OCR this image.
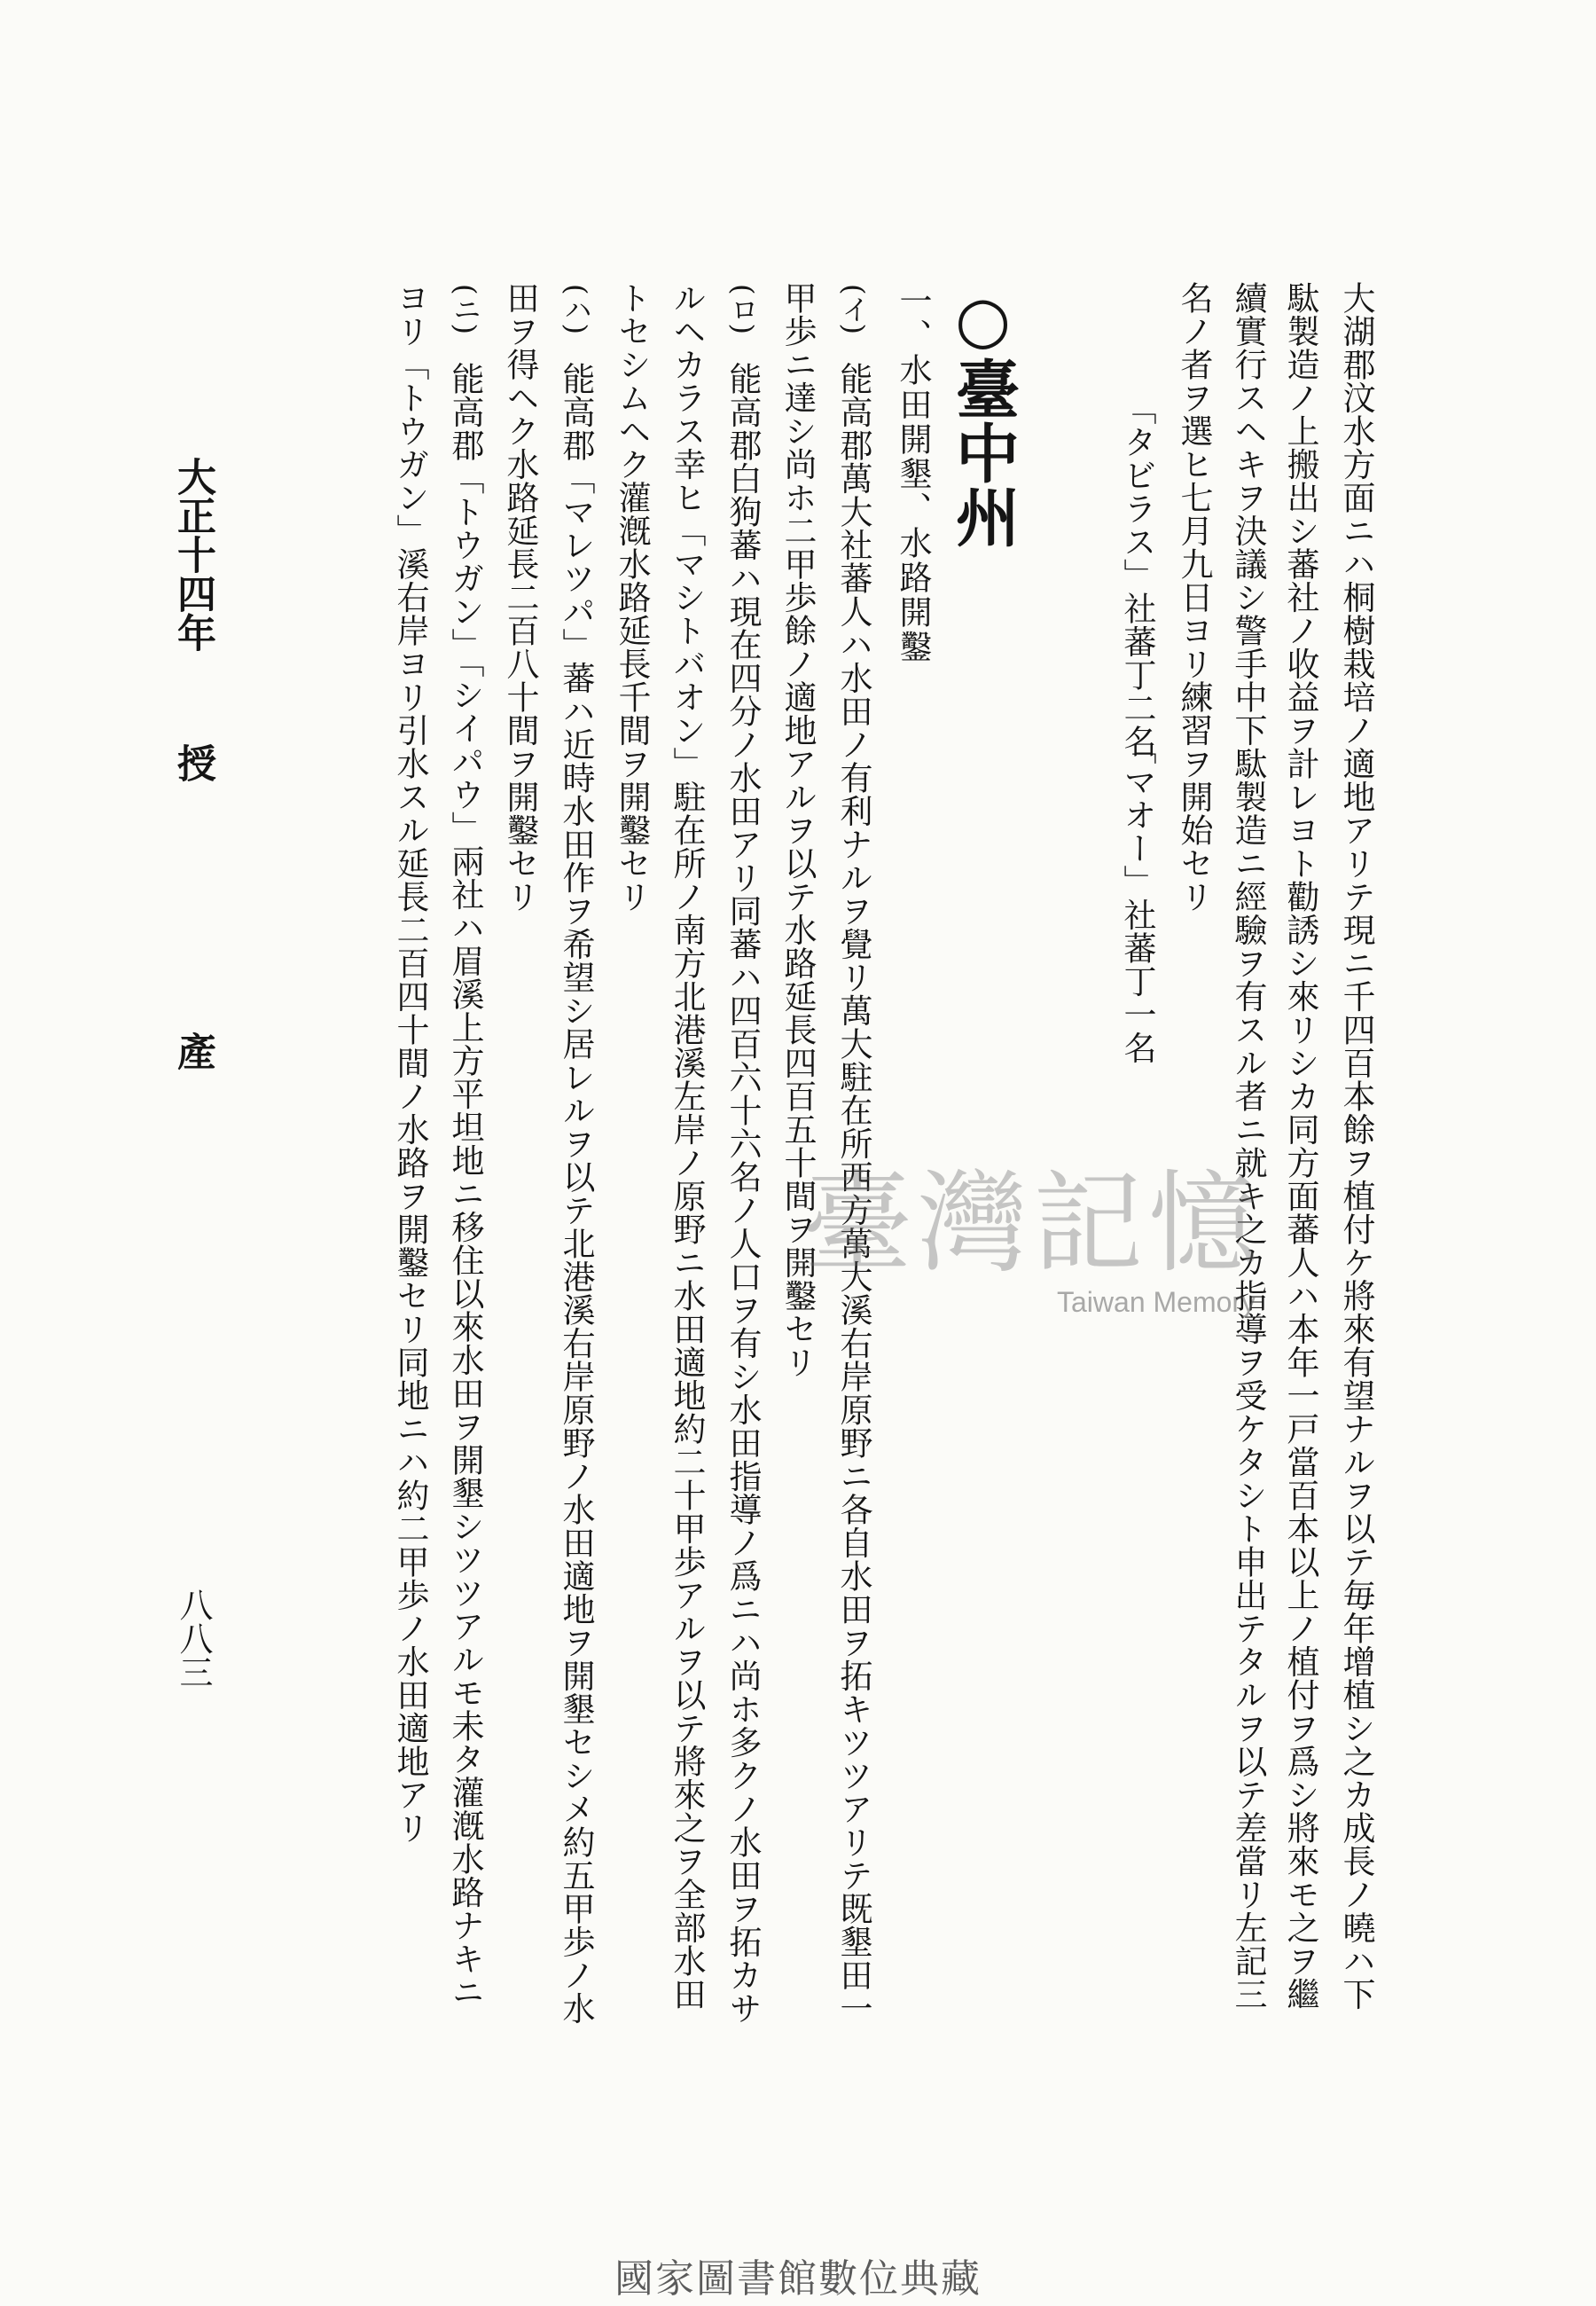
大湖郡汶水方面ニハ桐樹栽培ノ適地アリテ現ニ千四百本餘ヲ植付ケ將來有望ナルヲ以テ毎年增植シ之カ成長ノ曉ハ下
駄製造ノ上搬出シ蕃社ノ收益ヲ計レヨト勸誘シ來リシカ同方面蕃人ハ本年一戸當百本以上ノ植付ヲ爲シ將來モ之ヲ繼
續實行スヘキヲ決議シ警手中下駄製造ニ經驗ヲ有スル者ニ就キ之カ指導ヲ受ケタシト申出テタルヲ以テ差當リ左記三
名ノ者ヲ選ヒ七月九日ヨリ練習ヲ開始セリ
「タビラス」社蕃丁二名
「マオー」社蕃丁一名
○臺中州
一、水田開墾、水路開鑿
(イ)
能高郡萬大社蕃人ハ水田ノ有利ナルヲ覺リ萬大駐在所西方萬大溪右岸原野ニ各自水田ヲ拓キツツアリテ既墾田一
甲歩ニ達シ尚ホ二甲歩餘ノ適地アルヲ以テ水路延長四百五十間ヲ開鑿セリ
(ロ)
能高郡白狗蕃ハ現在四分ノ水田アリ同蕃ハ四百六十六名ノ人口ヲ有シ水田指導ノ爲ニハ尚ホ多クノ水田ヲ拓カサ
ルヘカラス幸ヒ「マシトバオン」駐在所ノ南方北港溪左岸ノ原野ニ水田適地約二十甲歩アルヲ以テ將來之ヲ全部水田
トセシムヘク灌漑水路延長千間ヲ開鑿セリ
(ハ)
能高郡「マレツパ」蕃ハ近時水田作ヲ希望シ居レルヲ以テ北港溪右岸原野ノ水田適地ヲ開墾セシメ約五甲歩ノ水
田ヲ得ヘク水路延長二百八十間ヲ開鑿セリ
(ニ)
能高郡「トウガン」「シイパウ」兩社ハ眉溪上方平坦地ニ移住以來水田ヲ開墾シツツアルモ未タ灌漑水路ナキニ
ヨリ「トウガン」溪右岸ヨリ引水スル延長二百四十間ノ水路ヲ開鑿セリ同地ニハ約二甲歩ノ水田適地アリ
大正十四年
授產
八八三
臺灣記憶
Taiwan Memory
國家圖書館數位典藏
